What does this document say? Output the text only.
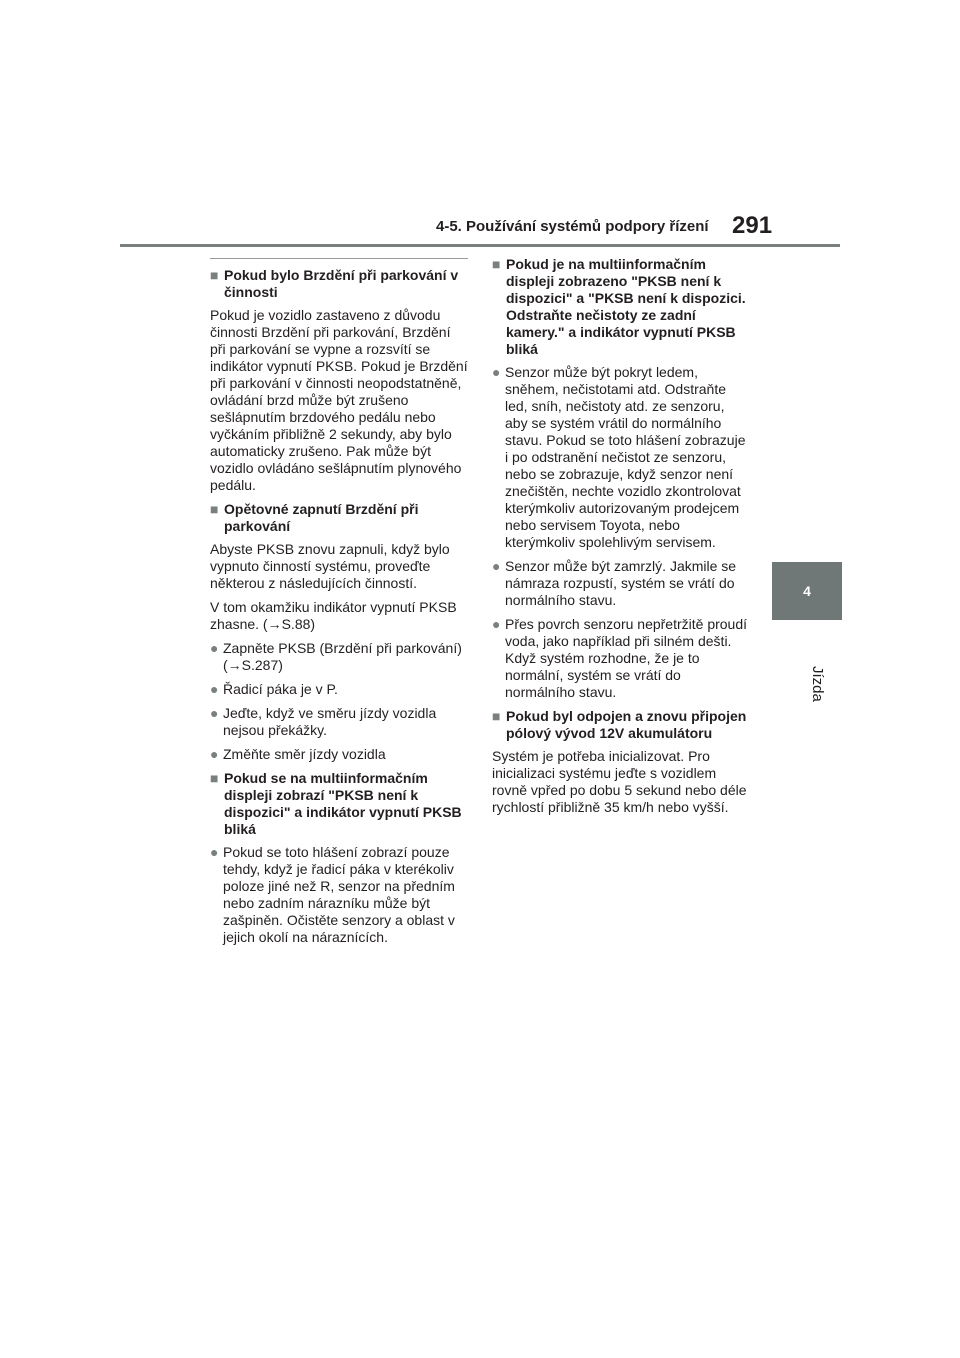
4-5. Používání systémů podpory řízení 291
4
Jízda
■ Pokud bylo Brzdění při parkování v činnosti

Pokud je vozidlo zastaveno z důvodu činnosti Brzdění při parkování, Brzdění při parkování se vypne a rozsvítí se indikátor vypnutí PKSB. Pokud je Brzdění při parkování v činnosti neopodstatněně, ovládání brzd může být zrušeno sešlápnutím brzdového pedálu nebo vyčkáním přibližně 2 sekundy, aby bylo automaticky zrušeno. Pak může být vozidlo ovládáno sešlápnutím plynového pedálu.

■ Opětovné zapnutí Brzdění při parkování

Abyste PKSB znovu zapnuli, když bylo vypnuto činností systému, proveďte některou z následujících činností.

V tom okamžiku indikátor vypnutí PKSB zhasne. (→S.88)

● Zapněte PKSB (Brzdění při parkování) (→S.287)
● Řadicí páka je v P.
● Jeďte, když ve směru jízdy vozidla nejsou překážky.
● Změňte směr jízdy vozidla
■ Pokud se na multiinformačním displeji zobrazí "PKSB není k dispozici" a indikátor vypnutí PKSB bliká
● Pokud se toto hlášení zobrazí pouze tehdy, když je řadicí páka v kterékoliv poloze jiné než R, senzor na předním nebo zadním nárazníku může být zašpiněn. Očistěte senzory a oblast v jejich okolí na náraznících.
■ Pokud je na multiinformačním displeji zobrazeno "PKSB není k dispozici" a "PKSB není k dispozici. Odstraňte nečistoty ze zadní kamery." a indikátor vypnutí PKSB bliká
● Senzor může být pokryt ledem, sněhem, nečistotami atd. Odstraňte led, sníh, nečistoty atd. ze senzoru, aby se systém vrátil do normálního stavu. Pokud se toto hlášení zobrazuje i po odstranění nečistot ze senzoru, nebo se zobrazuje, když senzor není znečištěn, nechte vozidlo zkontrolovat kterýmkoliv autorizovaným prodejcem nebo servisem Toyota, nebo kterýmkoliv spolehlivým servisem.
● Senzor může být zamrzlý. Jakmile se námraza rozpustí, systém se vrátí do normálního stavu.
● Přes povrch senzoru nepřetržitě proudí voda, jako například při silném dešti. Když systém rozhodne, že je to normální, systém se vrátí do normálního stavu.
■ Pokud byl odpojen a znovu připojen pólový vývod 12V akumulátoru

Systém je potřeba inicializovat. Pro inicializaci systému jeďte s vozidlem rovně vpřed po dobu 5 sekund nebo déle rychlostí přibližně 35 km/h nebo vyšší.
